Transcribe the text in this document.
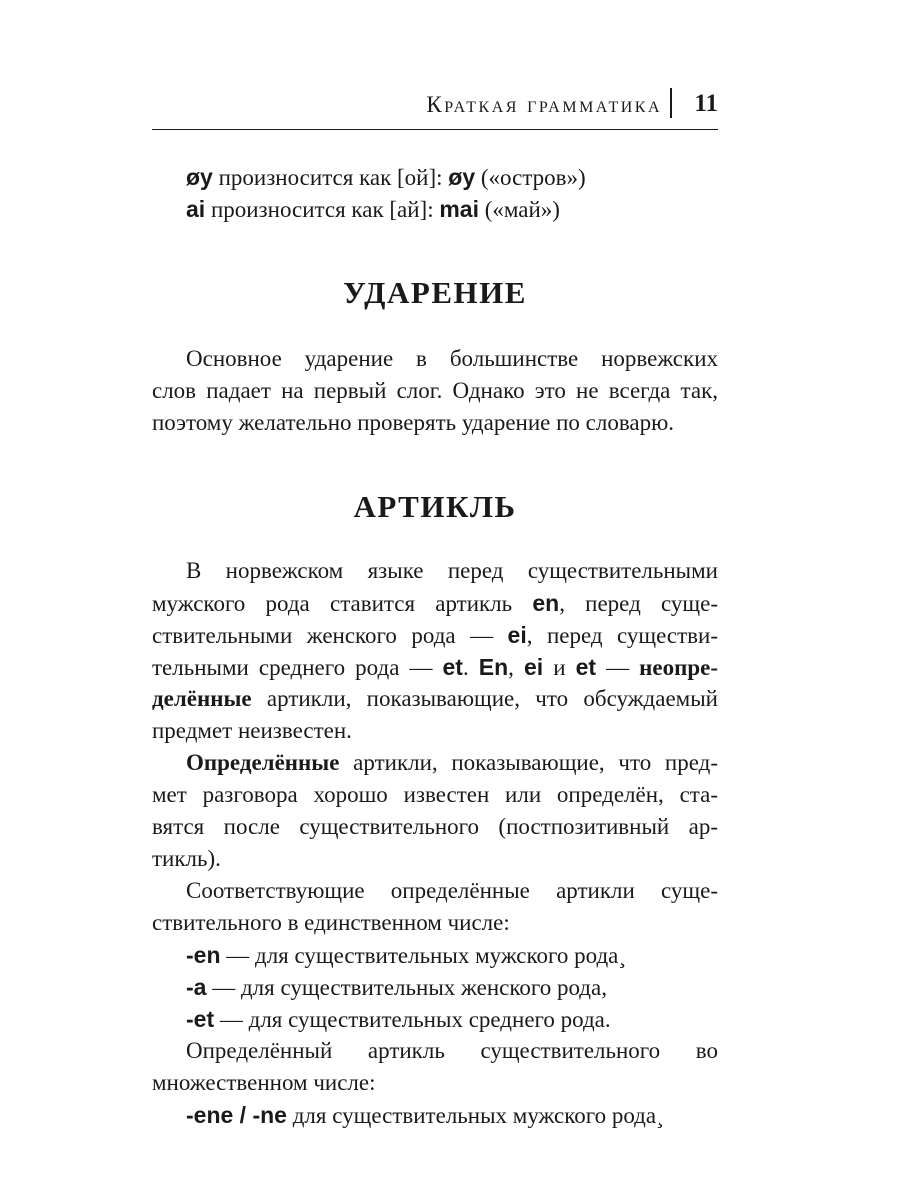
Краткая грамматика 11
øy произносится как [ой]: øy («остров»)
ai произносится как [ай]: mai («май»)
УДАРЕНИЕ
Основное ударение в большинстве норвежских
слов падает на первый слог. Однако это не всегда так,
поэтому желательно проверять ударение по словарю.
АРТИКЛЬ
В норвежском языке перед существительными
мужского рода ставится артикль en, перед суще-
ствительными женского рода — ei, перед существи-
тельными среднего рода — et. En, ei и et — неопре-
делённые артикли, показывающие, что обсуждаемый
предмет неизвестен.
Определённые артикли, показывающие, что пред-
мет разговора хорошо известен или определён, ста-
вятся после существительного (постпозитивный ар-
тикль).
Соответствующие определённые артикли суще-
ствительного в единственном числе:
-en — для существительных мужского рода¸
-a — для существительных женского рода,
-et — для существительных среднего рода.
Определённый артикль существительного во
множественном числе:
-ene / -ne для существительных мужского рода¸
